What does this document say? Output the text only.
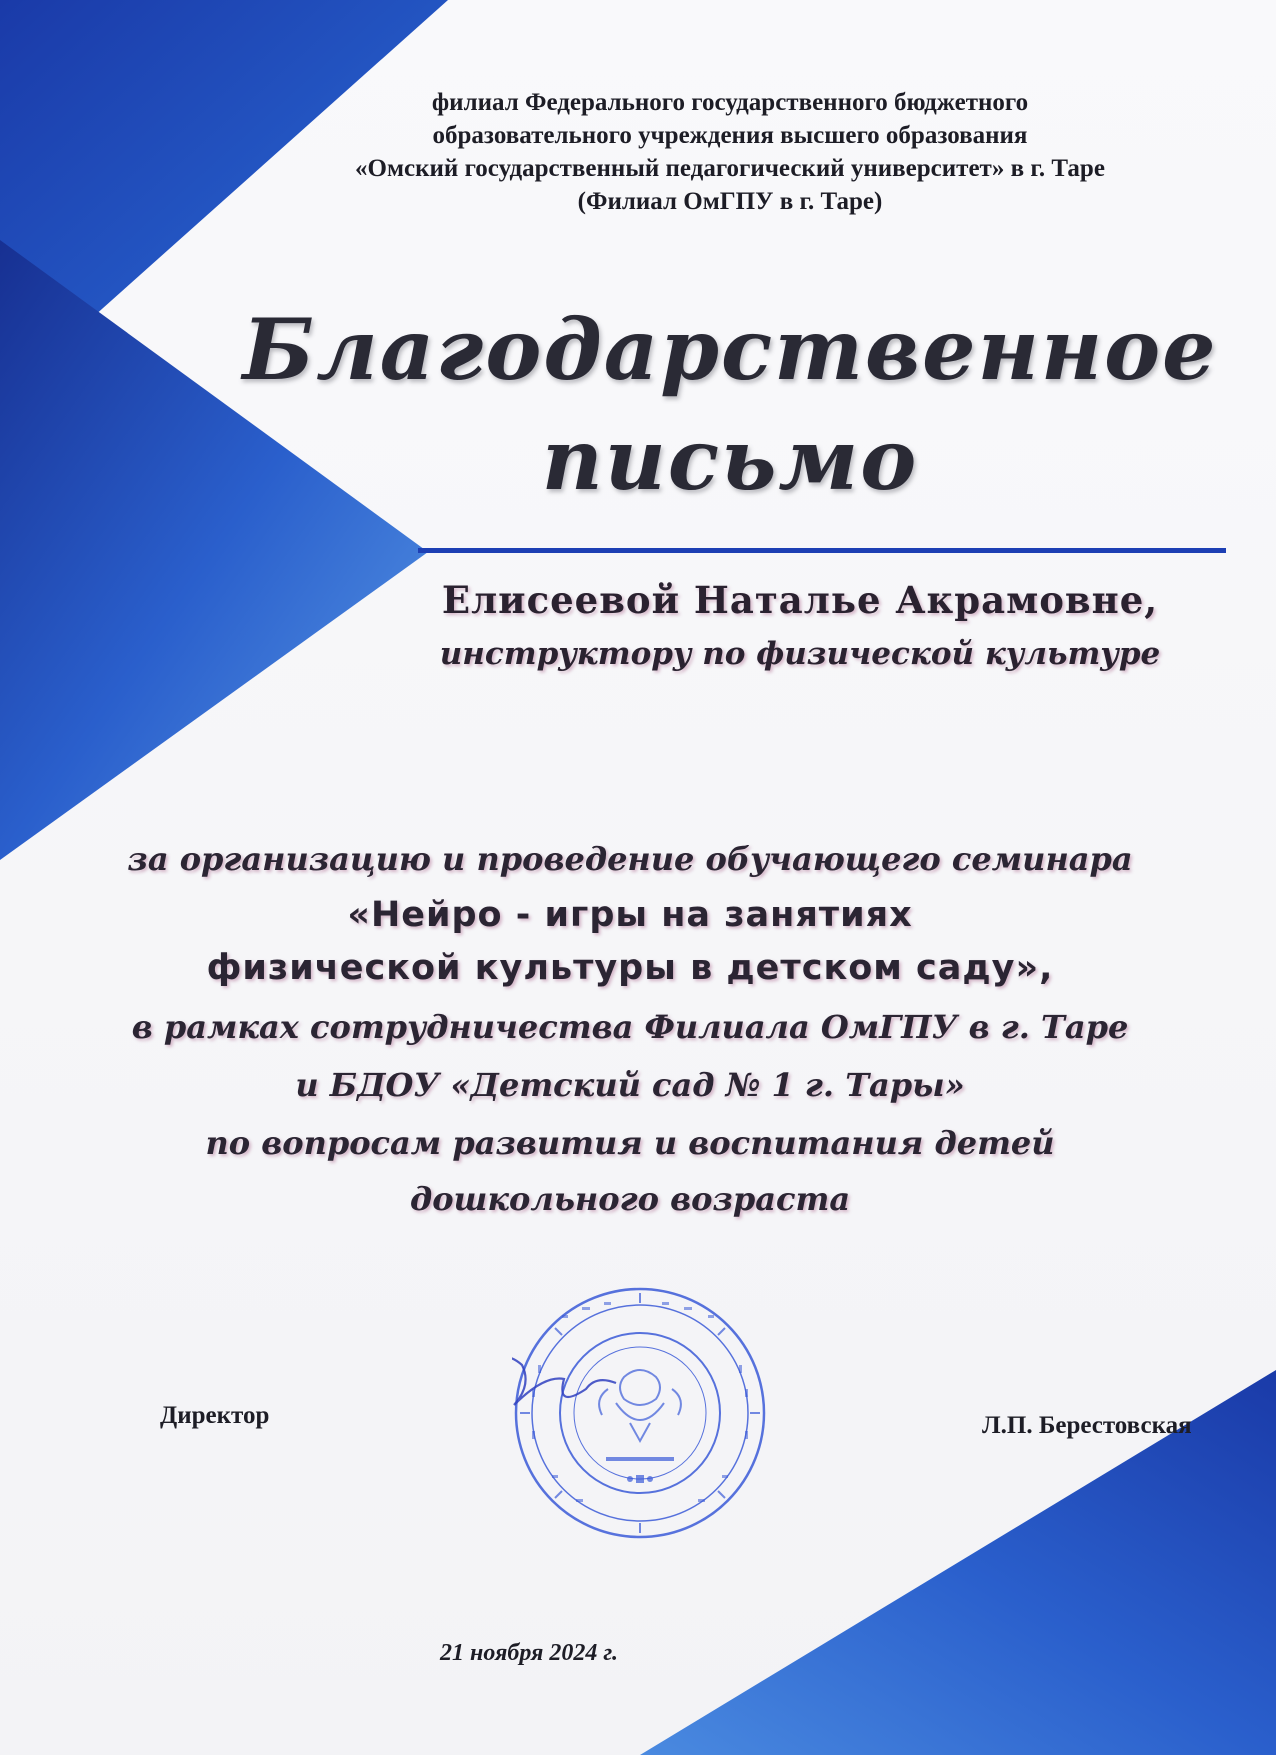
филиал Федерального государственного бюджетного
образовательного учреждения высшего образования
«Омский государственный педагогический университет» в г. Таре
(Филиал ОмГПУ в г. Таре)
Благодарственное
письмо
Елисеевой Наталье Акрамовне,
инструктору по физической культуре
за организацию и проведение обучающего семинара
«Нейро - игры на занятиях
физической культуры в детском саду»,
в рамках сотрудничества Филиала ОмГПУ в г. Таре
и БДОУ «Детский сад № 1 г. Тары»
по вопросам развития и воспитания детей
дошкольного возраста
Директор	Л.П. Берестовская
21 ноября 2024 г.
